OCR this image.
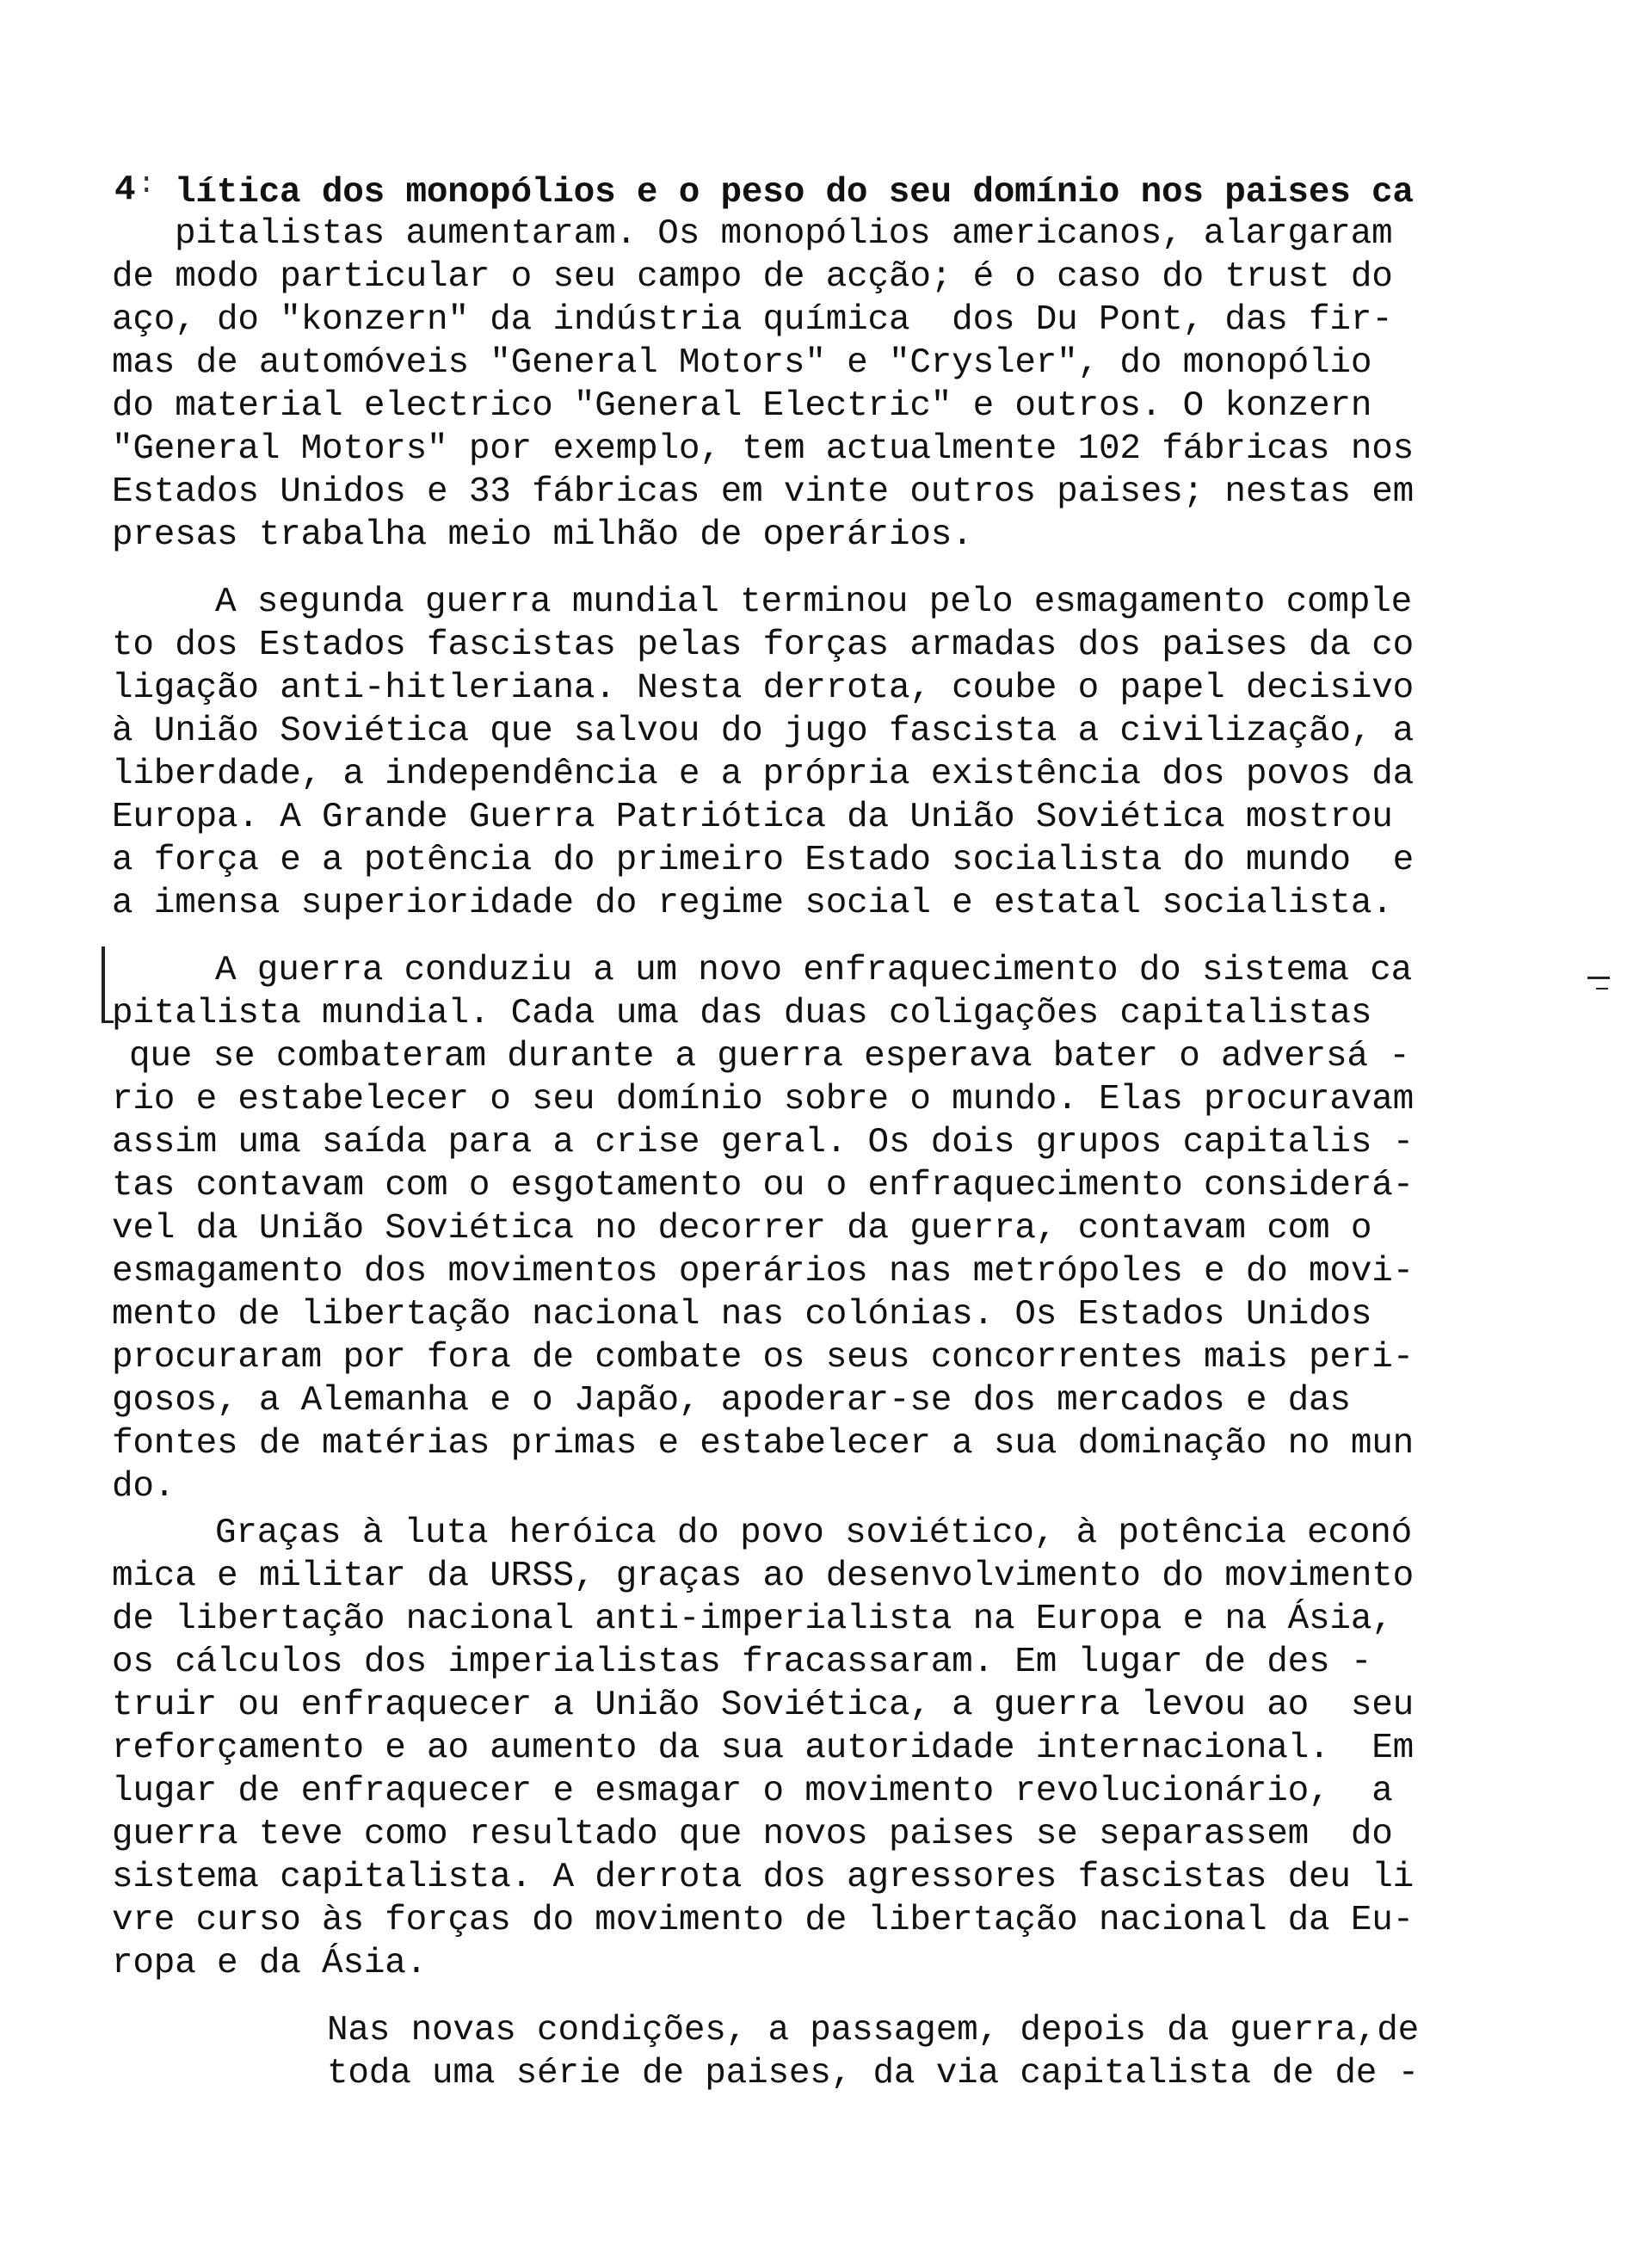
4 : lítica dos monopólios e o peso do seu domínio nos paises ca
pitalistas aumentaram. Os monopólios americanos, alargaram
de modo particular o seu campo de acção; é o caso do trust do
aço, do "konzern" da indústria química  dos Du Pont, das fir-
mas de automóveis "General Motors" e "Crysler", do monopólio
do material electrico "General Electric" e outros. O konzern
"General Motors" por exemplo, tem actualmente 102 fábricas nos
Estados Unidos e 33 fábricas em vinte outros paises; nestas em
presas trabalha meio milhão de operários.
A segunda guerra mundial terminou pelo esmagamento comple
to dos Estados fascistas pelas forças armadas dos paises da co
ligação anti-hitleriana. Nesta derrota, coube o papel decisivo
à União Soviética que salvou do jugo fascista a civilização, a
liberdade, a independência e a própria existência dos povos da
Europa. A Grande Guerra Patriótica da União Soviética mostrou
a força e a potência do primeiro Estado socialista do mundo  e
a imensa superioridade do regime social e estatal socialista.
A guerra conduziu a um novo enfraquecimento do sistema ca
pitalista mundial. Cada uma das duas coligações capitalistas
que se combateram durante a guerra esperava bater o adversá -
rio e estabelecer o seu domínio sobre o mundo. Elas procuravam
assim uma saída para a crise geral. Os dois grupos capitalis -
tas contavam com o esgotamento ou o enfraquecimento considerá-
vel da União Soviética no decorrer da guerra, contavam com o
esmagamento dos movimentos operários nas metrópoles e do movi-
mento de libertação nacional nas colónias. Os Estados Unidos
procuraram por fora de combate os seus concorrentes mais peri-
gosos, a Alemanha e o Japão, apoderar-se dos mercados e das
fontes de matérias primas e estabelecer a sua dominação no mun
do.
Graças à luta heróica do povo soviético, à potência econó
mica e militar da URSS, graças ao desenvolvimento do movimento
de libertação nacional anti-imperialista na Europa e na Ásia,
os cálculos dos imperialistas fracassaram. Em lugar de des -
truir ou enfraquecer a União Soviética, a guerra levou ao  seu
reforçamento e ao aumento da sua autoridade internacional.  Em
lugar de enfraquecer e esmagar o movimento revolucionário,  a
guerra teve como resultado que novos paises se separassem  do
sistema capitalista. A derrota dos agressores fascistas deu li
vre curso às forças do movimento de libertação nacional da Eu-
ropa e da Ásia.
Nas novas condições, a passagem, depois da guerra,de
toda uma série de paises, da via capitalista de de -
